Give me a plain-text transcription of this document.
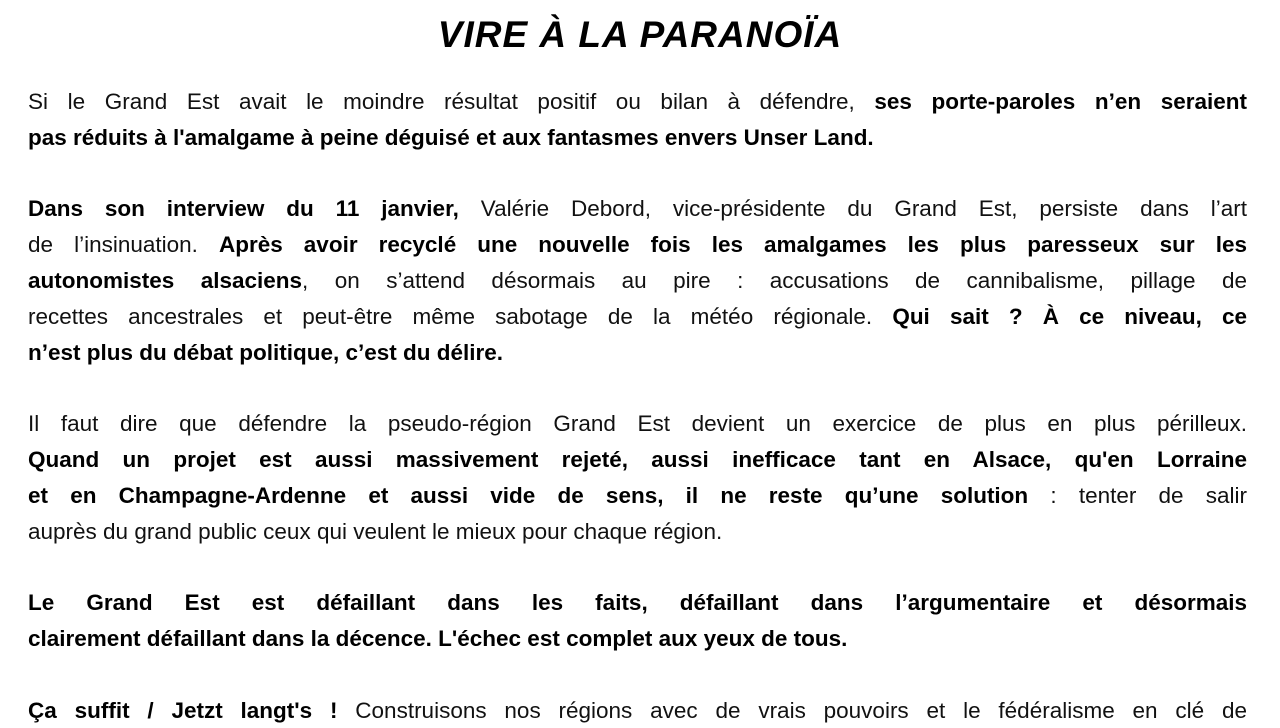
VIRE À LA PARANOÏA
Si le Grand Est avait le moindre résultat positif ou bilan à défendre, ses porte-paroles n’en seraient
pas réduits à l'amalgame à peine déguisé et aux fantasmes envers Unser Land.
Dans son interview du 11 janvier, Valérie Debord, vice-présidente du Grand Est, persiste dans l’art
de l’insinuation. Après avoir recyclé une nouvelle fois les amalgames les plus paresseux sur les
autonomistes alsaciens, on s’attend désormais au pire : accusations de cannibalisme, pillage de
recettes ancestrales et peut-être même sabotage de la météo régionale. Qui sait ? À ce niveau, ce
n’est plus du débat politique, c’est du délire.
Il faut dire que défendre la pseudo-région Grand Est devient un exercice de plus en plus périlleux.
Quand un projet est aussi massivement rejeté, aussi inefficace tant en Alsace, qu'en Lorraine
et en Champagne-Ardenne et aussi vide de sens, il ne reste qu’une solution : tenter de salir
auprès du grand public ceux qui veulent le mieux pour chaque région.
Le Grand Est est défaillant dans les faits, défaillant dans l’argumentaire et désormais
clairement défaillant dans la décence. L'échec est complet aux yeux de tous.
Ça suffit / Jetzt langt's ! Construisons nos régions avec de vrais pouvoirs et le fédéralisme en clé de
